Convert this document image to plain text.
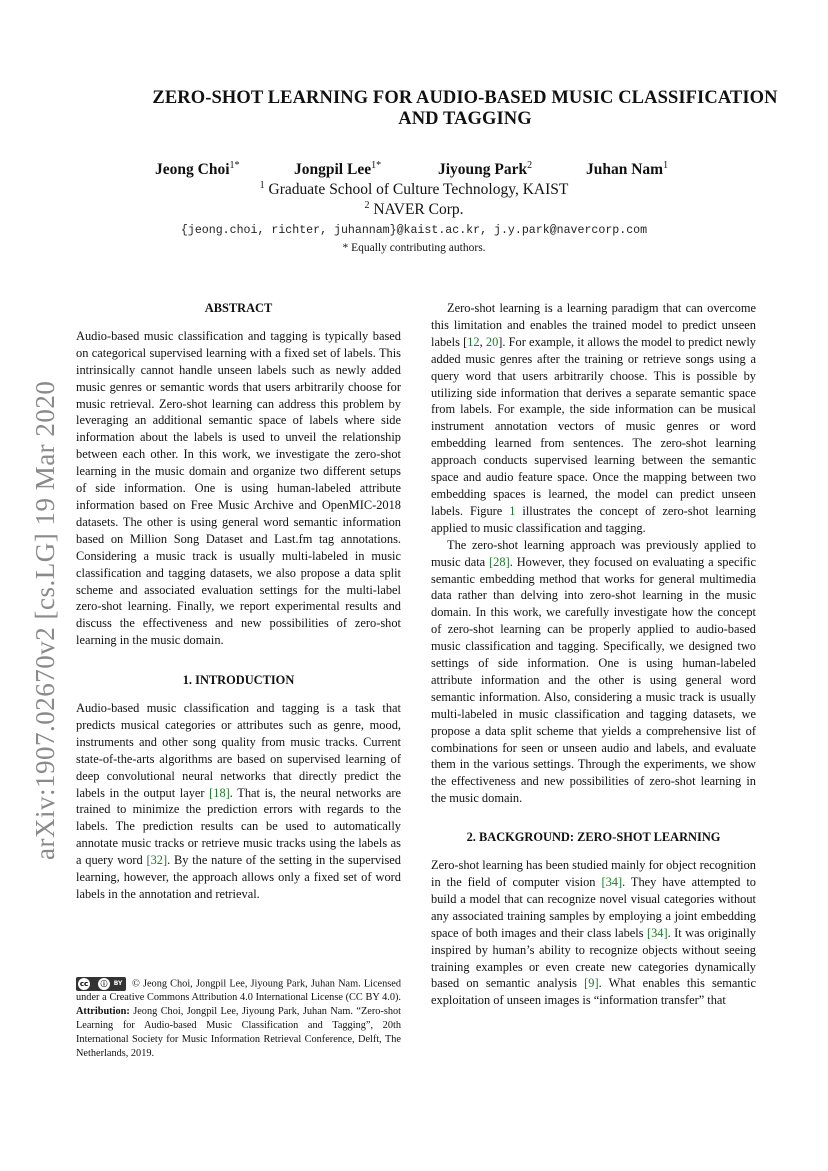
arXiv:1907.02670v2 [cs.LG] 19 Mar 2020
ZERO-SHOT LEARNING FOR AUDIO-BASED MUSIC CLASSIFICATION
AND TAGGING
Jeong Choi$^{1*}$	Jongpil Lee$^{1*}$	Jiyoung Park$^2$	Juhan Nam$^1$
$^1$ Graduate School of Culture Technology, KAIST
$^2$ NAVER Corp.
{jeong.choi, richter, juhannam}@kaist.ac.kr, j.y.park@navercorp.com
* Equally contributing authors.
ABSTRACT

Audio-based music classification and tagging is typically based on categorical supervised learning with a fixed set of labels. This intrinsically cannot handle unseen labels such as newly added music genres or semantic words that users arbitrarily choose for music retrieval. Zero-shot learning can address this problem by leveraging an additional semantic space of labels where side information about the labels is used to unveil the relationship between each other. In this work, we investigate the zero-shot learning in the music domain and organize two different setups of side information. One is using human-labeled attribute information based on Free Music Archive and OpenMIC-2018 datasets. The other is using general word semantic information based on Million Song Dataset and Last.fm tag annotations. Considering a music track is usually multi-labeled in music classification and tagging datasets, we also propose a data split scheme and associated evaluation settings for the multi-label zero-shot learning. Finally, we report experimental results and discuss the effectiveness and new possibilities of zero-shot learning in the music domain.

1. INTRODUCTION

Audio-based music classification and tagging is a task that predicts musical categories or attributes such as genre, mood, instruments and other song quality from music tracks. Current state-of-the-arts algorithms are based on supervised learning of deep convolutional neural networks that directly predict the labels in the output layer [18]. That is, the neural networks are trained to minimize the prediction errors with regards to the labels. The prediction results can be used to automatically annotate music tracks or retrieve music tracks using the labels as a query word [32]. By the nature of the setting in the supervised learning, however, the approach allows only a fixed set of word labels in the annotation and retrieval.

Zero-shot learning is a learning paradigm that can overcome this limitation and enables the trained model to predict unseen labels [12, 20]. For example, it allows the model to predict newly added music genres after the training or retrieve songs using a query word that users arbitrarily choose. This is possible by utilizing side information that derives a separate semantic space from labels. For example, the side information can be musical instrument annotation vectors of music genres or word embedding learned from sentences. The zero-shot learning approach conducts supervised learning between the semantic space and audio feature space. Once the mapping between two embedding spaces is learned, the model can predict unseen labels. Figure 1 illustrates the concept of zero-shot learning applied to music classification and tagging.

The zero-shot learning approach was previously applied to music data [28]. However, they focused on evaluating a specific semantic embedding method that works for general multimedia data rather than delving into zero-shot learning in the music domain. In this work, we carefully investigate how the concept of zero-shot learning can be properly applied to audio-based music classification and tagging. Specifically, we designed two settings of side information. One is using human-labeled attribute information and the other is using general word semantic information. Also, considering a music track is usually multi-labeled in music classification and tagging datasets, we propose a data split scheme that yields a comprehensive list of combinations for seen or unseen audio and labels, and evaluate them in the various settings. Through the experiments, we show the effectiveness and new possibilities of zero-shot learning in the music domain.

2. BACKGROUND: ZERO-SHOT LEARNING

Zero-shot learning has been studied mainly for object recognition in the field of computer vision [34]. They have attempted to build a model that can recognize novel visual categories without any associated training samples by employing a joint embedding space of both images and their class labels [34]. It was originally inspired by human’s ability to recognize objects without seeing training examples or even create new categories dynamically based on semantic analysis [9]. What enables this semantic exploitation of unseen images is “information transfer” that

cc	ⓘ	BY © Jeong Choi, Jongpil Lee, Jiyoung Park, Juhan Nam. Licensed under a Creative Commons Attribution 4.0 International License (CC BY 4.0). Attribution: Jeong Choi, Jongpil Lee, Jiyoung Park, Juhan Nam. “Zero-shot Learning for Audio-based Music Classification and Tagging”, 20th International Society for Music Information Retrieval Conference, Delft, The Netherlands, 2019.
